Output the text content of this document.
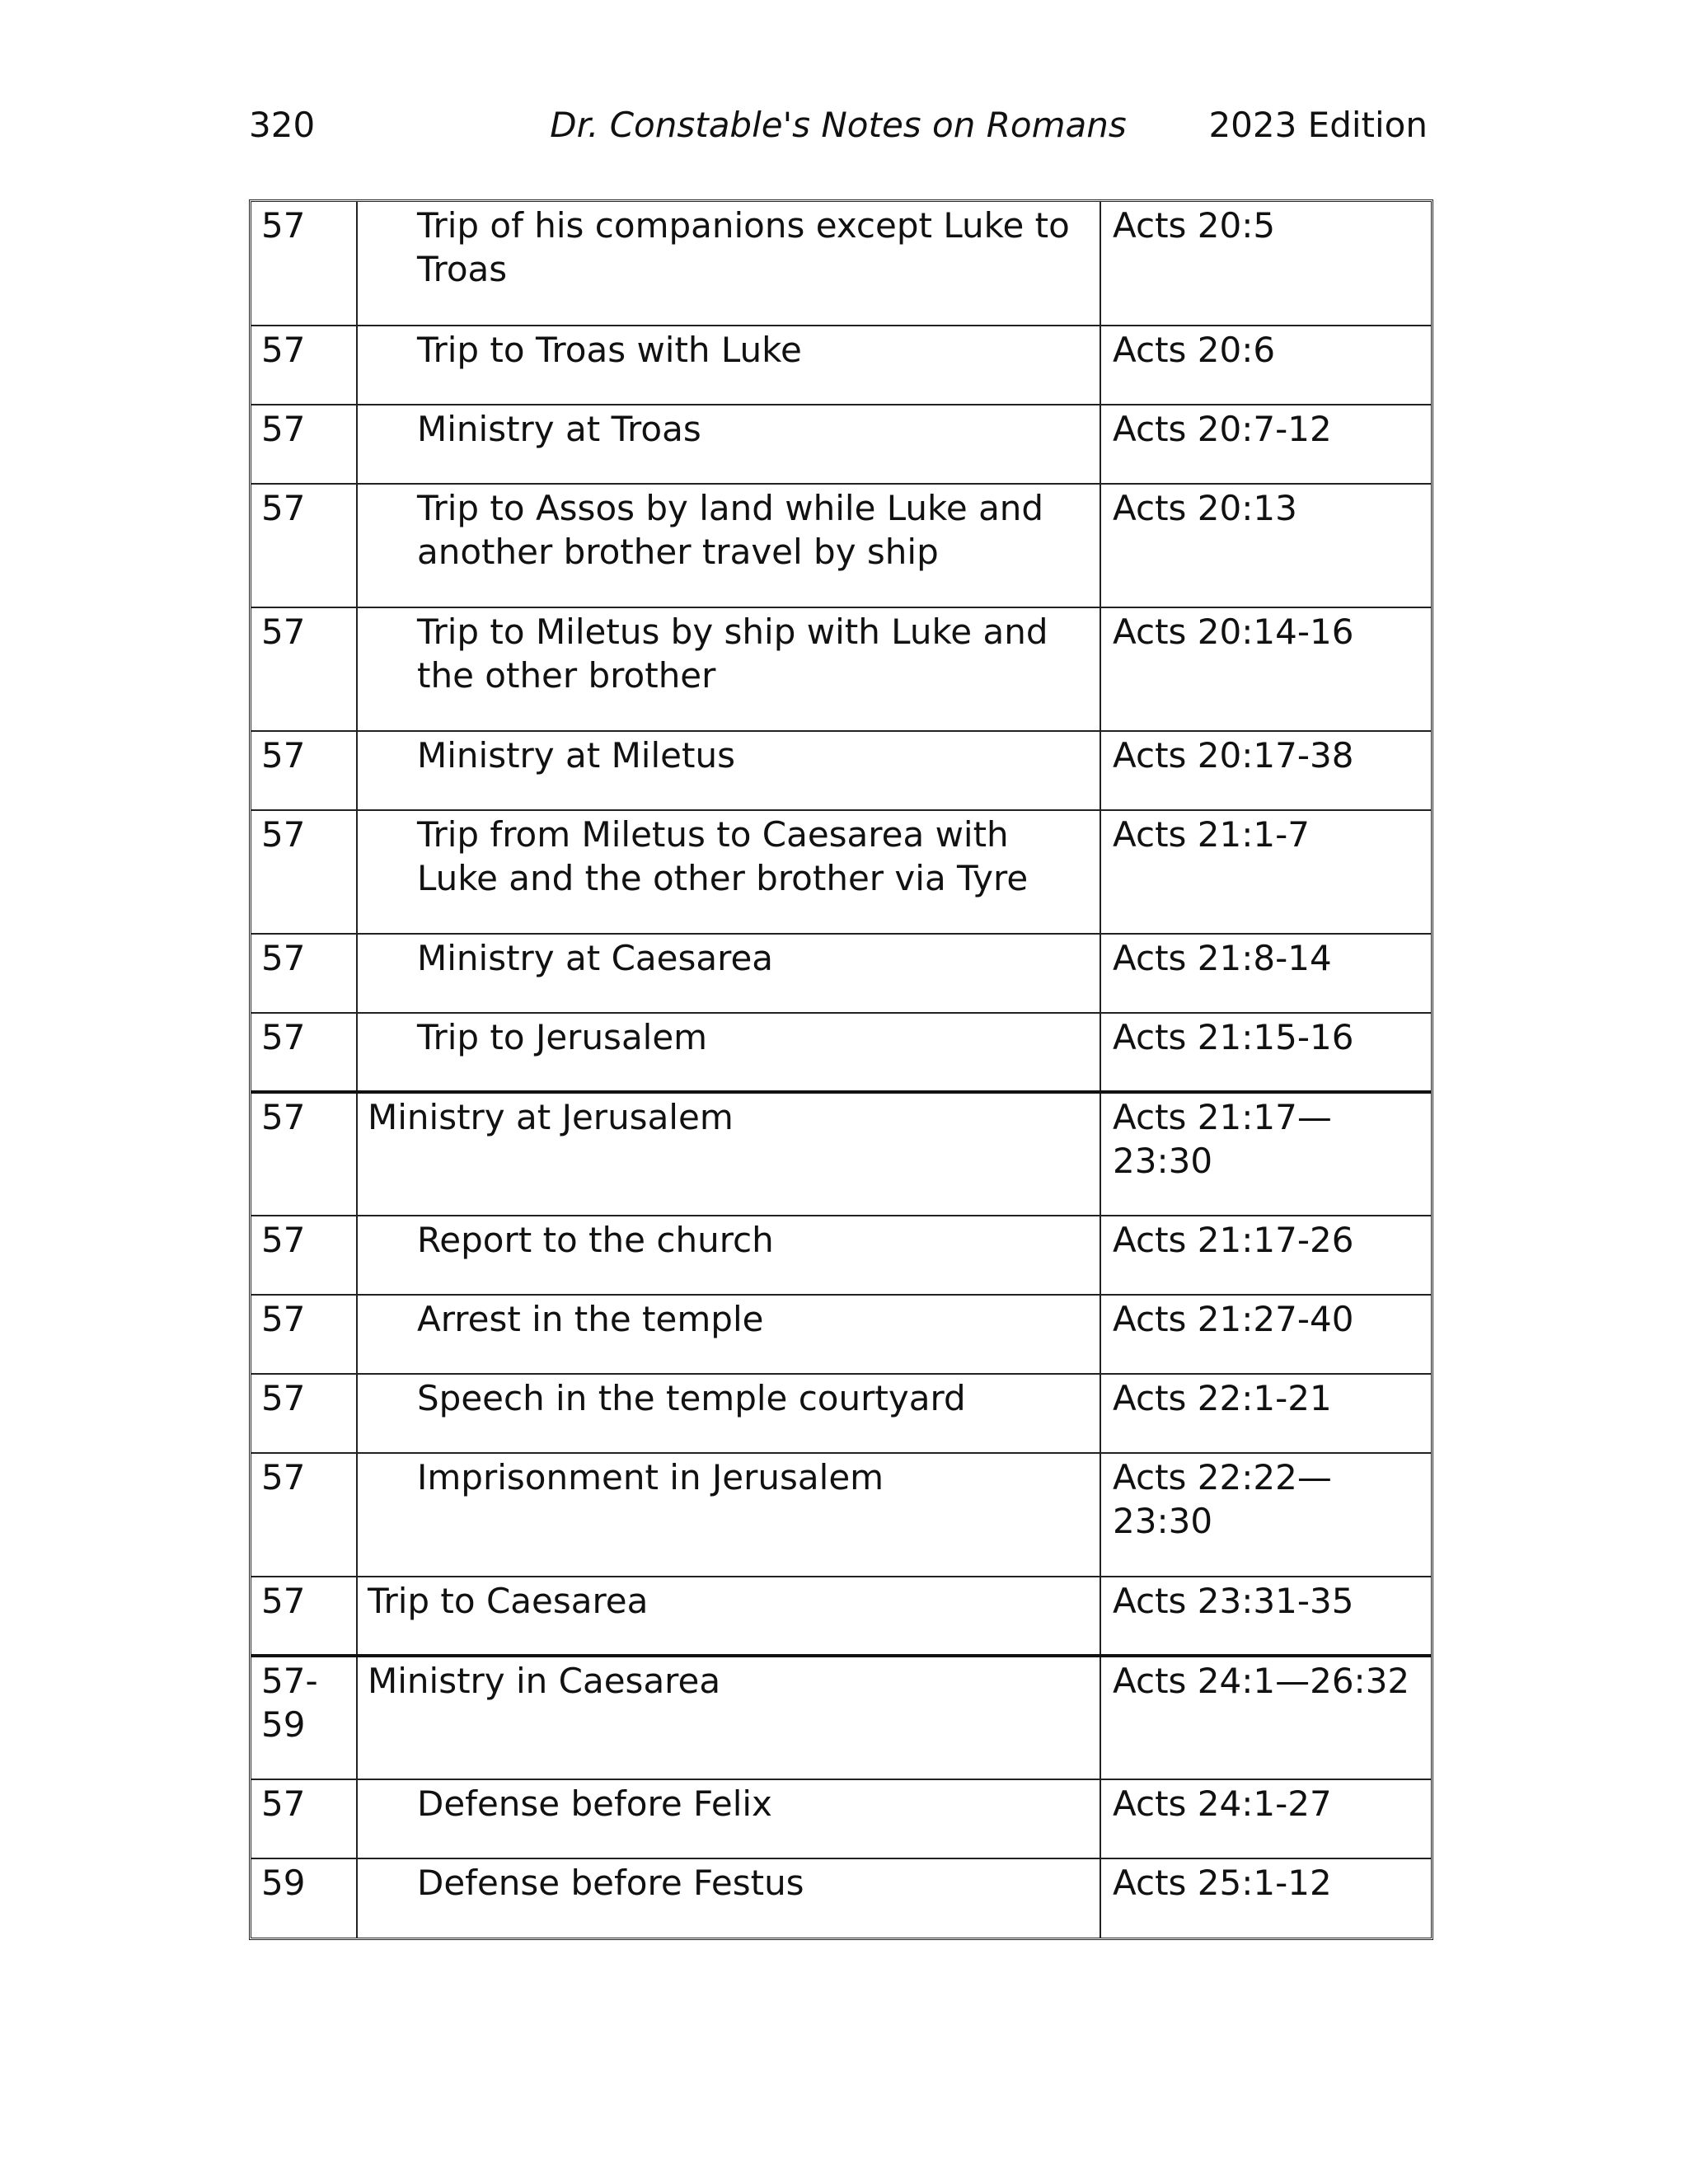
320	Dr. Constable's Notes on Romans	2023 Edition
57	Trip of his companions except Luke to Troas	Acts 20:5
57	Trip to Troas with Luke	Acts 20:6
57	Ministry at Troas	Acts 20:7-12
57	Trip to Assos by land while Luke and another brother travel by ship	Acts 20:13
57	Trip to Miletus by ship with Luke and the other brother	Acts 20:14-16
57	Ministry at Miletus	Acts 20:17-38
57	Trip from Miletus to Caesarea with Luke and the other brother via Tyre	Acts 21:1-7
57	Ministry at Caesarea	Acts 21:8-14
57	Trip to Jerusalem	Acts 21:15-16
57	Ministry at Jerusalem	Acts 21:17—23:30
57	Report to the church	Acts 21:17-26
57	Arrest in the temple	Acts 21:27-40
57	Speech in the temple courtyard	Acts 22:1-21
57	Imprisonment in Jerusalem	Acts 22:22—23:30
57	Trip to Caesarea	Acts 23:31-35
57-59	Ministry in Caesarea	Acts 24:1—26:32
57	Defense before Felix	Acts 24:1-27
59	Defense before Festus	Acts 25:1-12
